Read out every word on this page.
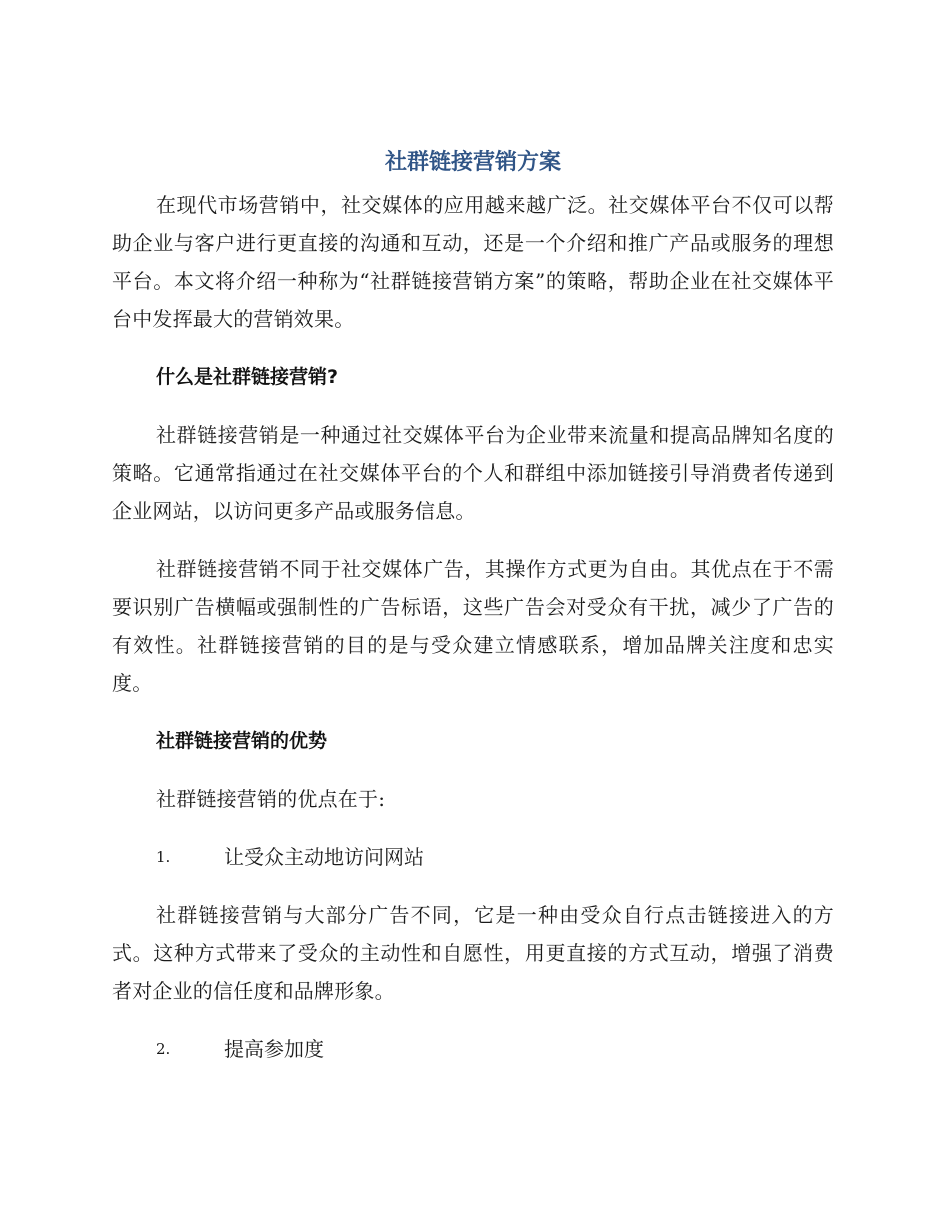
社群链接营销方案

在现代市场营销中，社交媒体的应用越来越广泛。社交媒体平台不仅可以帮助企业与客户进行更直接的沟通和互动，还是一个介绍和推广产品或服务的理想平台。本文将介绍一种称为“社群链接营销方案”的策略，帮助企业在社交媒体平台中发挥最大的营销效果。

什么是社群链接营销?

社群链接营销是一种通过社交媒体平台为企业带来流量和提高品牌知名度的策略。它通常指通过在社交媒体平台的个人和群组中添加链接引导消费者传递到企业网站，以访问更多产品或服务信息。

社群链接营销不同于社交媒体广告，其操作方式更为自由。其优点在于不需要识别广告横幅或强制性的广告标语，这些广告会对受众有干扰，减少了广告的有效性。社群链接营销的目的是与受众建立情感联系，增加品牌关注度和忠实度。

社群链接营销的优势

社群链接营销的优点在于:

1.	让受众主动地访问网站

社群链接营销与大部分广告不同，它是一种由受众自行点击链接进入的方式。这种方式带来了受众的主动性和自愿性，用更直接的方式互动，增强了消费者对企业的信任度和品牌形象。

2.	提高参加度
